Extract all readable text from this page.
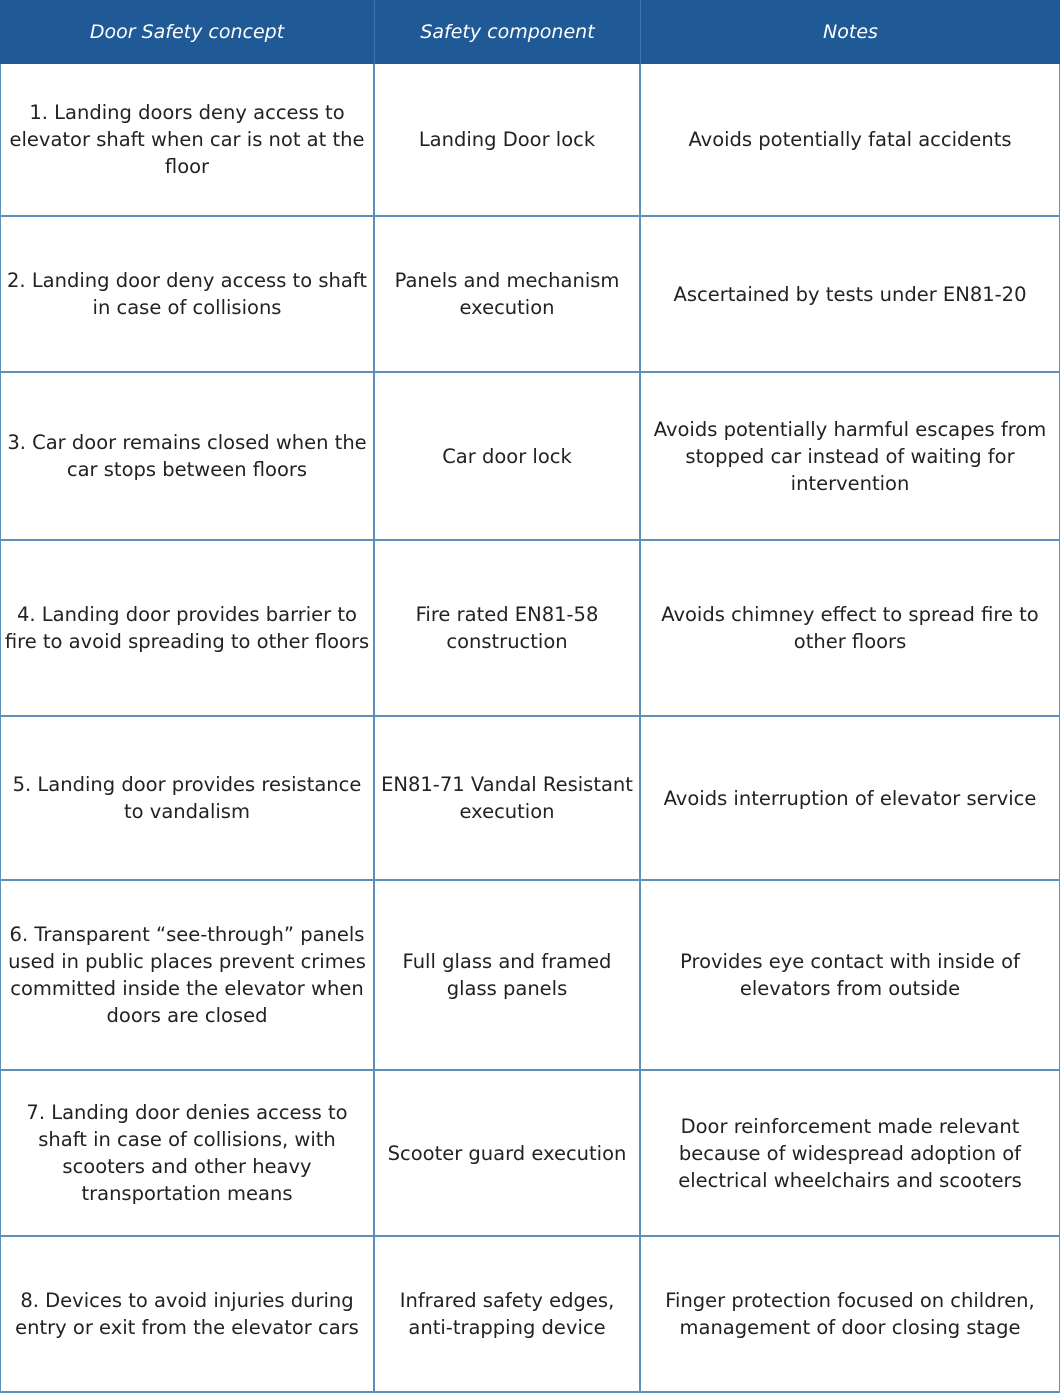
Door Safety concept	Safety component	Notes
1. Landing doors deny access to elevator shaft when car is not at the floor	Landing Door lock	Avoids potentially fatal accidents
2. Landing door deny access to shaft in case of collisions	Panels and mechanism execution	Ascertained by tests under EN81-20
3. Car door remains closed when the car stops between floors	Car door lock	Avoids potentially harmful escapes from stopped car instead of waiting for intervention
4. Landing door provides barrier to fire to avoid spreading to other floors	Fire rated EN81-58 construction	Avoids chimney effect to spread fire to other floors
5. Landing door provides resistance to vandalism	EN81-71 Vandal Resistant execution	Avoids interruption of elevator service
6. Transparent “see-through” panels used in public places prevent crimes committed inside the elevator when doors are closed	Full glass and framed glass panels	Provides eye contact with inside of elevators from outside
7. Landing door denies access to shaft in case of collisions, with scooters and other heavy transportation means	Scooter guard execution	Door reinforcement made relevant because of widespread adoption of electrical wheelchairs and scooters
8. Devices to avoid injuries during entry or exit from the elevator cars	Infrared safety edges, anti-trapping device	Finger protection focused on children, management of door closing stage
